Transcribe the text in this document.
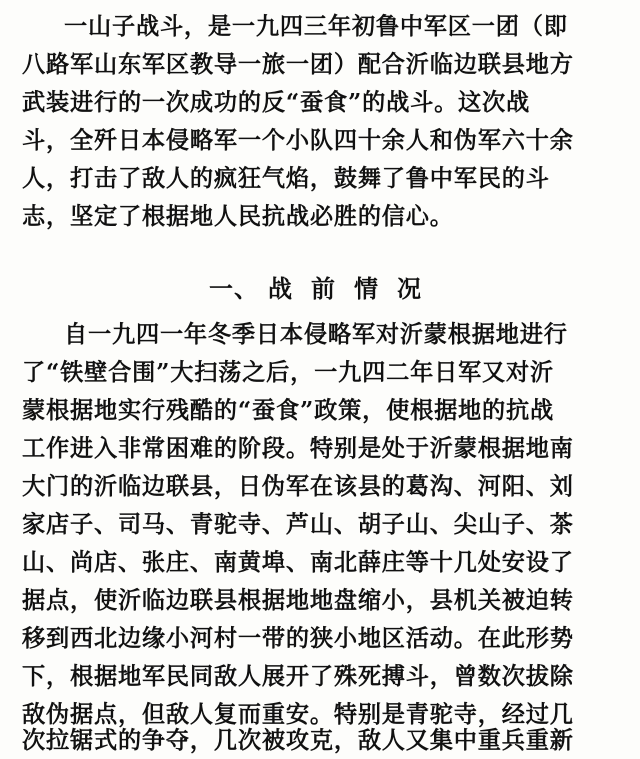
一山子战斗，是一九四三年初鲁中军区一团（即
八路军山东军区教导一旅一团）配合沂临边联县地方
武装进行的一次成功的反“蚕食”的战斗。这次战
斗，全歼日本侵略军一个小队四十余人和伪军六十余
人，打击了敌人的疯狂气焰，鼓舞了鲁中军民的斗
志，坚定了根据地人民抗战必胜的信心。
一、 战 前 情 况
自一九四一年冬季日本侵略军对沂蒙根据地进行
了“铁壁合围”大扫荡之后，一九四二年日军又对沂
蒙根据地实行残酷的“蚕食”政策，使根据地的抗战
工作进入非常困难的阶段。特别是处于沂蒙根据地南
大门的沂临边联县，日伪军在该县的葛沟、河阳、刘
家店子、司马、青驼寺、芦山、胡子山、尖山子、茶
山、尚店、张庄、南黄埠、南北薛庄等十几处安设了
据点，使沂临边联县根据地地盘缩小，县机关被迫转
移到西北边缘小河村一带的狭小地区活动。在此形势
下，根据地军民同敌人展开了殊死搏斗，曾数次拔除
敌伪据点，但敌人复而重安。特别是青驼寺，经过几
次拉锯式的争夺，几次被攻克，敌人又集中重兵重新
